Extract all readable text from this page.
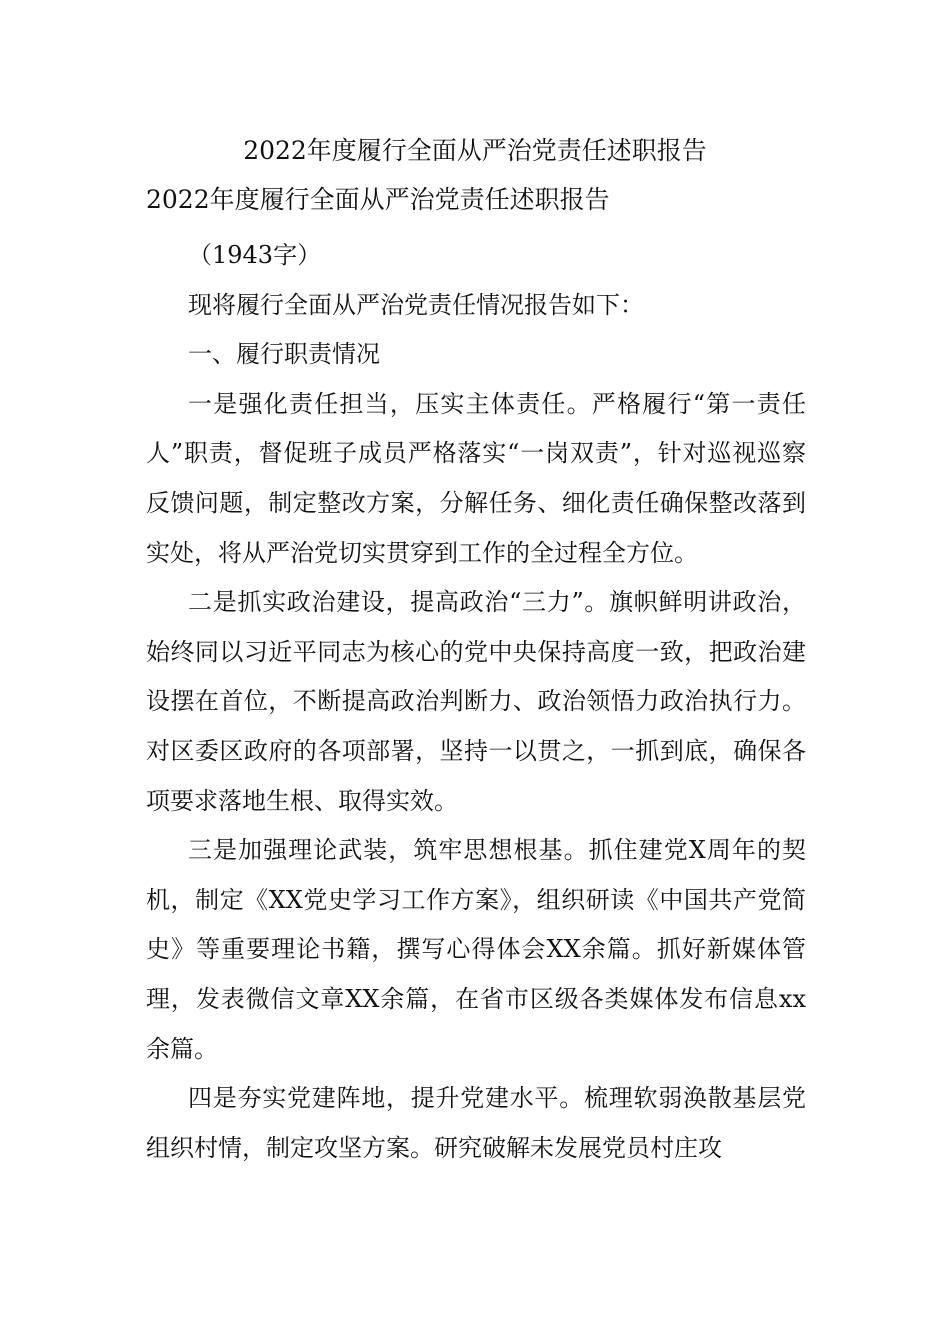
2022年度履行全面从严治党责任述职报告
2022年度履行全面从严治党责任述职报告

（1943字）

现将履行全面从严治党责任情况报告如下：

一、履行职责情况

一是强化责任担当，压实主体责任。严格履行“第一责任人”职责，督促班子成员严格落实“一岗双责”，针对巡视巡察反馈问题，制定整改方案，分解任务、细化责任确保整改落到实处，将从严治党切实贯穿到工作的全过程全方位。

二是抓实政治建设，提高政治“三力”。旗帜鲜明讲政治，始终同以习近平同志为核心的党中央保持高度一致，把政治建设摆在首位，不断提高政治判断力、政治领悟力政治执行力。对区委区政府的各项部署，坚持一以贯之，一抓到底，确保各项要求落地生根、取得实效。

三是加强理论武装，筑牢思想根基。抓住建党X周年的契机，制定《XX党史学习工作方案》，组织研读《中国共产党简史》等重要理论书籍，撰写心得体会XX余篇。抓好新媒体管理，发表微信文章XX余篇，在省市区级各类媒体发布信息xx余篇。

四是夯实党建阵地，提升党建水平。梳理软弱涣散基层党组织村情，制定攻坚方案。研究破解未发展党员村庄攻
